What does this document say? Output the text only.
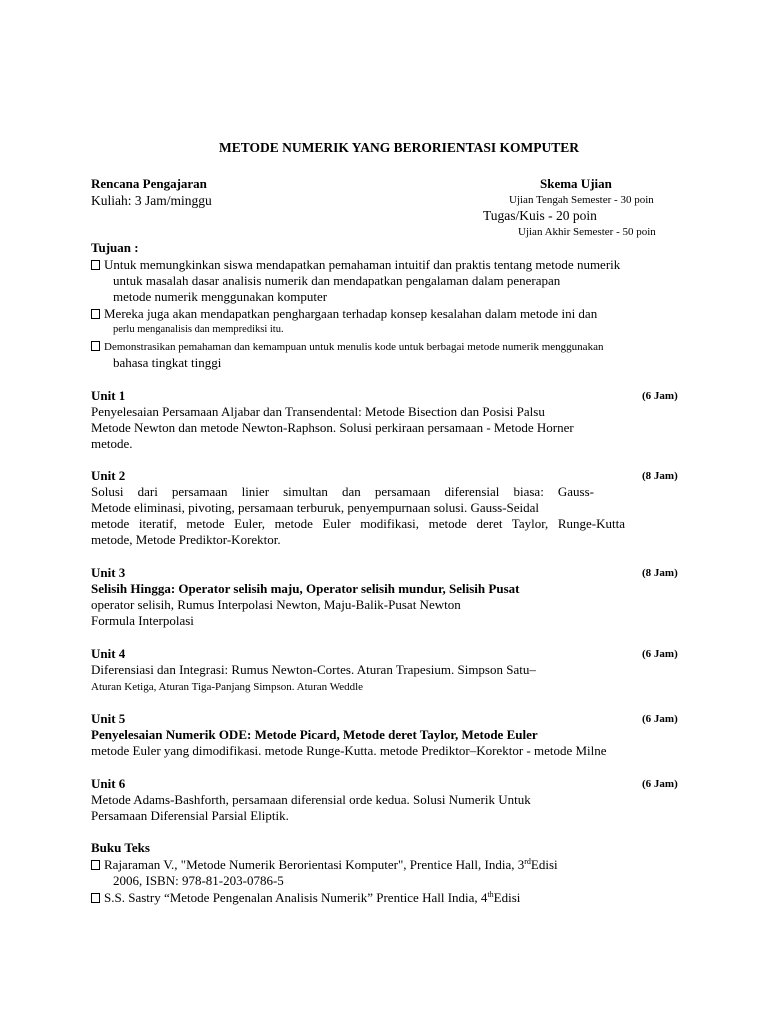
METODE NUMERIK YANG BERORIENTASI KOMPUTER
Rencana Pengajaran
Kuliah: 3 Jam/minggu
Skema Ujian
Ujian Tengah Semester - 30 poin
Tugas/Kuis - 20 poin
Ujian Akhir Semester - 50 poin
Tujuan :
Untuk memungkinkan siswa mendapatkan pemahaman intuitif dan praktis tentang metode numerik
untuk masalah dasar analisis numerik dan mendapatkan pengalaman dalam penerapan
metode numerik menggunakan komputer
Mereka juga akan mendapatkan penghargaan terhadap konsep kesalahan dalam metode ini dan
perlu menganalisis dan memprediksi itu.
Demonstrasikan pemahaman dan kemampuan untuk menulis kode untuk berbagai metode numerik menggunakan
bahasa tingkat tinggi
Unit 1	(6 Jam)
Penyelesaian Persamaan Aljabar dan Transendental: Metode Bisection dan Posisi Palsu
Metode Newton dan metode Newton-Raphson. Solusi perkiraan persamaan - Metode Horner
metode.
Unit 2	(8 Jam)
Solusi dari persamaan linier simultan dan persamaan diferensial biasa: Gauss-
Metode eliminasi, pivoting, persamaan terburuk, penyempurnaan solusi. Gauss-Seidal
metode iteratif, metode Euler, metode Euler modifikasi, metode deret Taylor, Runge-Kutta
metode, Metode Prediktor-Korektor.
Unit 3	(8 Jam)
Selisih Hingga: Operator selisih maju, Operator selisih mundur, Selisih Pusat
operator selisih, Rumus Interpolasi Newton, Maju-Balik-Pusat Newton
Formula Interpolasi
Unit 4	(6 Jam)
Diferensiasi dan Integrasi: Rumus Newton-Cortes. Aturan Trapesium. Simpson Satu–
Aturan Ketiga, Aturan Tiga-Panjang Simpson. Aturan Weddle
Unit 5	(6 Jam)
Penyelesaian Numerik ODE: Metode Picard, Metode deret Taylor, Metode Euler
metode Euler yang dimodifikasi. metode Runge-Kutta. metode Prediktor–Korektor - metode Milne
Unit 6	(6 Jam)
Metode Adams-Bashforth, persamaan diferensial orde kedua. Solusi Numerik Untuk
Persamaan Diferensial Parsial Eliptik.
Buku Teks
Rajaraman V., "Metode Numerik Berorientasi Komputer", Prentice Hall, India, 3rdEdisi
2006, ISBN: 978-81-203-0786-5
S.S. Sastry “Metode Pengenalan Analisis Numerik” Prentice Hall India, 4thEdisi
